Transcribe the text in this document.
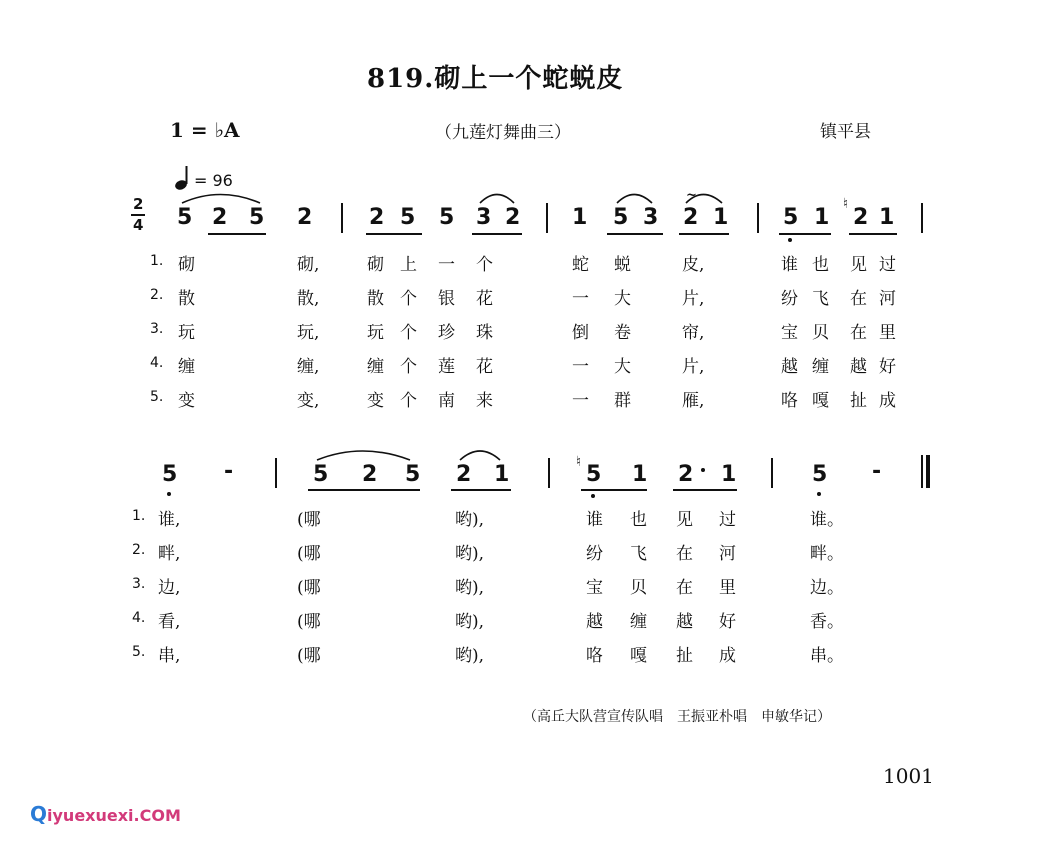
819.砌上一个蛇蜕皮
1 = ♭A	（九莲灯舞曲三）	镇平县
= 96
2
4 5 2 5 2	2 5 5 3 2 1 5 3 2 1 5 1 2 1
♮
~
5 -	5 2 5 2 1	5 1 2 1	5 -
♮
1. 砌	砌,	砌 上 一 个	蛇 蜕	皮,	谁 也 见 过
2. 散	散,	散 个 银 花	一 大	片,	纷 飞 在 河
3. 玩	玩,	玩 个 珍 珠	倒 卷	帘,	宝 贝 在 里
4. 缠	缠,	缠 个 莲 花	一 大	片,	越 缠 越 好
5. 变	变,	变 个 南 来	一 群	雁,	咯 嘎 扯 成
1. 谁,	(哪	哟),	谁 也 见 过	谁。
2. 畔,	(哪	哟),	纷 飞 在 河	畔。
3. 边,	(哪	哟),	宝 贝 在 里	边。
4. 看,	(哪	哟),	越 缠 越 好	香。
5. 串,	(哪	哟),	咯 嘎 扯 成	串。
（高丘大队营宣传队唱　王振亚朴唱　申敏华记）
1001
Qiyuexuexi.COM
